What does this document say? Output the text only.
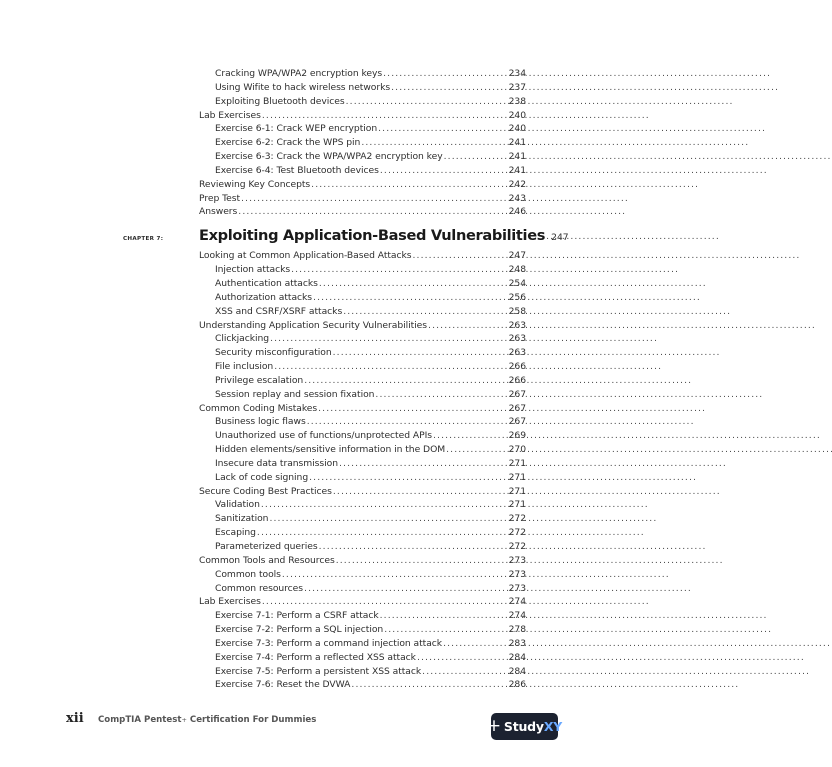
Cracking WPA/WPA2 encryption keys . . .	234
Using Wifite to hack wireless networks . . .	237
Exploiting Bluetooth devices . . .	238
Lab Exercises . . .	240
Exercise 6-1: Crack WEP encryption . . .	240
Exercise 6-2: Crack the WPS pin . . .	241
Exercise 6-3: Crack the WPA/WPA2 encryption key . . .	241
Exercise 6-4: Test Bluetooth devices . . .	241
Reviewing Key Concepts . . .	242
Prep Test . . .	243
Answers . . .	246
Exploiting Application-Based Vulnerabilities . . . 247
Looking at Common Application-Based Attacks . . .	247
Injection attacks . . .	248
Authentication attacks . . .	254
Authorization attacks . . .	256
XSS and CSRF/XSRF attacks . . .	258
Understanding Application Security Vulnerabilities . . .	263
Clickjacking . . .	263
Security misconfiguration . . .	263
File inclusion . . .	266
Privilege escalation . . .	266
Session replay and session fixation . . .	267
Common Coding Mistakes . . .	267
Business logic flaws . . .	267
Unauthorized use of functions/unprotected APIs . . .	269
Hidden elements/sensitive information in the DOM . . .	270
Insecure data transmission . . .	271
Lack of code signing . . .	271
Secure Coding Best Practices . . .	271
Validation . . .	271
Sanitization . . .	272
Escaping . . .	272
Parameterized queries . . .	272
Common Tools and Resources . . .	273
Common tools . . .	273
Common resources . . .	273
Lab Exercises . . .	274
Exercise 7-1: Perform a CSRF attack . . .	274
Exercise 7-2: Perform a SQL injection . . .	278
Exercise 7-3: Perform a command injection attack . . .	283
Exercise 7-4: Perform a reflected XSS attack . . .	284
Exercise 7-5: Perform a persistent XSS attack . . .	284
Exercise 7-6: Reset the DVWA . . .	286
CHAPTER 7:
xii CompTIA Pentest+ Certification For Dummies	+ StudyXY
